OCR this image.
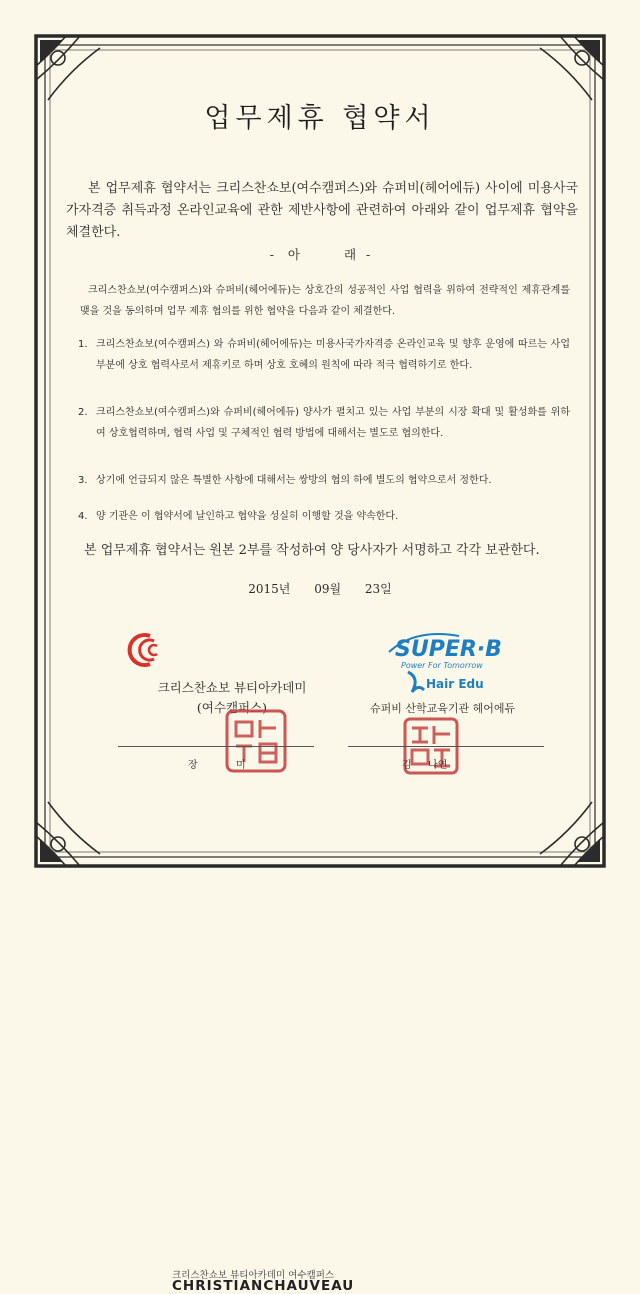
업무제휴 협약서
본 업무제휴 협약서는 크리스찬쇼보(여수캠퍼스)와 슈퍼비(헤어에듀) 사이에 미용사국가자격증 취득과정 온라인교육에 관한 제반사항에 관련하여 아래와 같이 업무제휴 협약을 체결한다.
- 아	래 -
크리스찬쇼보(여수캠퍼스)와 슈퍼비(헤어에듀)는 상호간의 성공적인 사업 협력을 위하여 전략적인 제휴관계를 맺을 것을 동의하며 업무 제휴 협의를 위한 협약을 다음과 같이 체결한다.
1. 크리스찬쇼보(여수캠퍼스) 와 슈퍼비(헤어에듀)는 미용사국가자격증 온라인교육 및 향후 운영에 따르는 사업부분에 상호 협력사로서 제휴키로 하며 상호 호혜의 원칙에 따라 적극 협력하기로 한다.
2. 크리스찬쇼보(여수캠퍼스)와 슈퍼비(헤어에듀) 양사가 펼치고 있는 사업 부분의 시장 확대 및 활성화를 위하여 상호협력하며, 협력 사업 및 구체적인 협력 방법에 대해서는 별도로 협의한다.
3. 상기에 언급되지 않은 특별한 사항에 대해서는 쌍방의 협의 하에 별도의 협약으로서 정한다.
4. 양 기관은 이 협약서에 날인하고 협약을 성실히 이행할 것을 약속한다.
본 업무제휴 협약서는 원본 2부를 작성하여 양 당사자가 서명하고 각각 보관한다.
2015년 09월 23일
크리스찬쇼보 뷰티아카데미 여수캠퍼스
CHRISTIANCHAUVEAU
SUPER·B
Power For Tomorrow
Hair Edu
크리스찬쇼보 뷰티아카데미
(여수캠퍼스)	슈퍼비 산학교육기관 헤어에듀
장	미	김 나연
